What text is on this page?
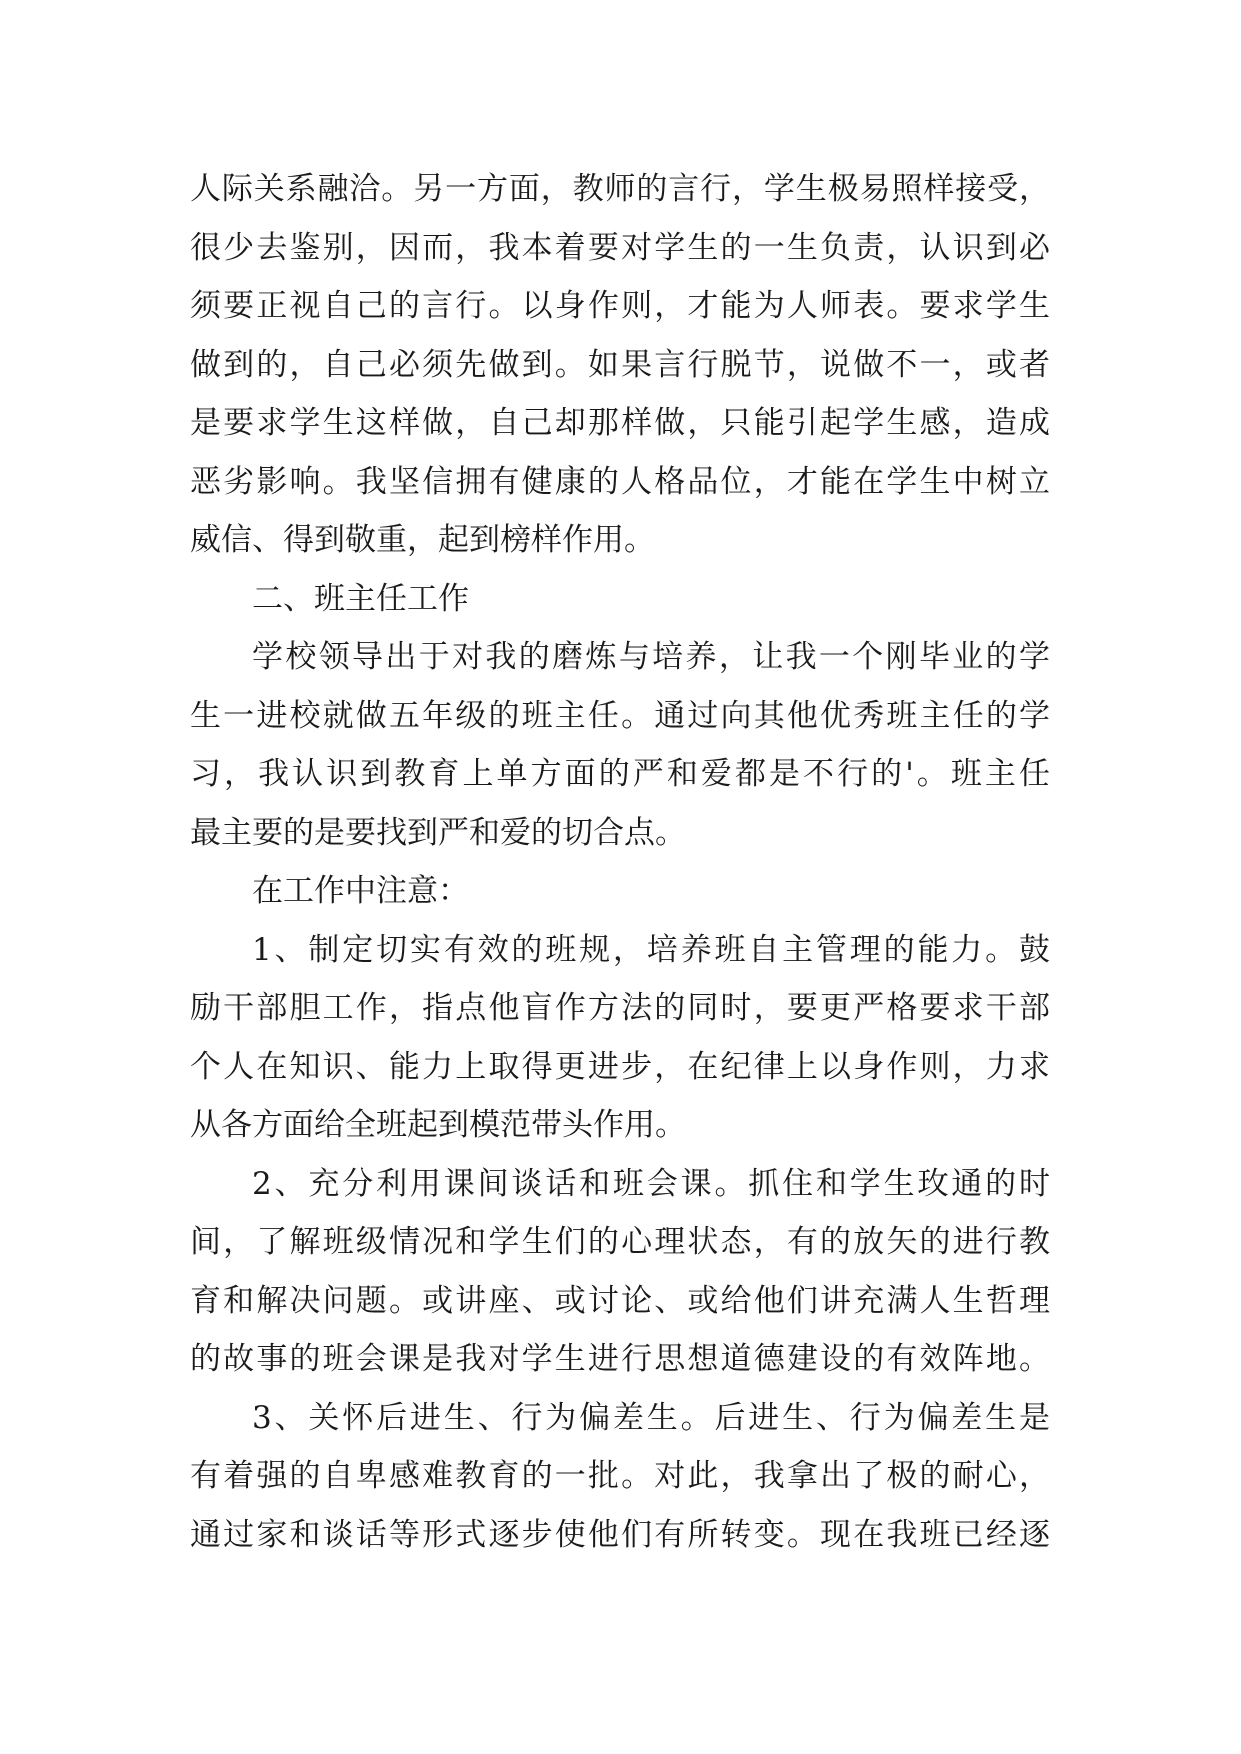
人际关系融洽。另一方面，教师的言行，学生极易照样接受，
很少去鉴别，因而，我本着要对学生的一生负责，认识到必
须要正视自己的言行。以身作则，才能为人师表。要求学生
做到的，自己必须先做到。如果言行脱节，说做不一，或者
是要求学生这样做，自己却那样做，只能引起学生感，造成
恶劣影响。我坚信拥有健康的人格品位，才能在学生中树立
威信、得到敬重，起到榜样作用。
二、班主任工作
学校领导出于对我的磨炼与培养，让我一个刚毕业的学
生一进校就做五年级的班主任。通过向其他优秀班主任的学
习，我认识到教育上单方面的严和爱都是不行的'。班主任
最主要的是要找到严和爱的切合点。
在工作中注意：
1、制定切实有效的班规，培养班自主管理的能力。鼓
励干部胆工作，指点他盲作方法的同时，要更严格要求干部
个人在知识、能力上取得更进步，在纪律上以身作则，力求
从各方面给全班起到模范带头作用。
2、充分利用课间谈话和班会课。抓住和学生玫通的时
间，了解班级情况和学生们的心理状态，有的放矢的进行教
育和解决问题。或讲座、或讨论、或给他们讲充满人生哲理
的故事的班会课是我对学生进行思想道德建设的有效阵地。
3、关怀后进生、行为偏差生。后进生、行为偏差生是
有着强的自卑感难教育的一批。对此，我拿出了极的耐心，
通过家和谈话等形式逐步使他们有所转变。现在我班已经逐
